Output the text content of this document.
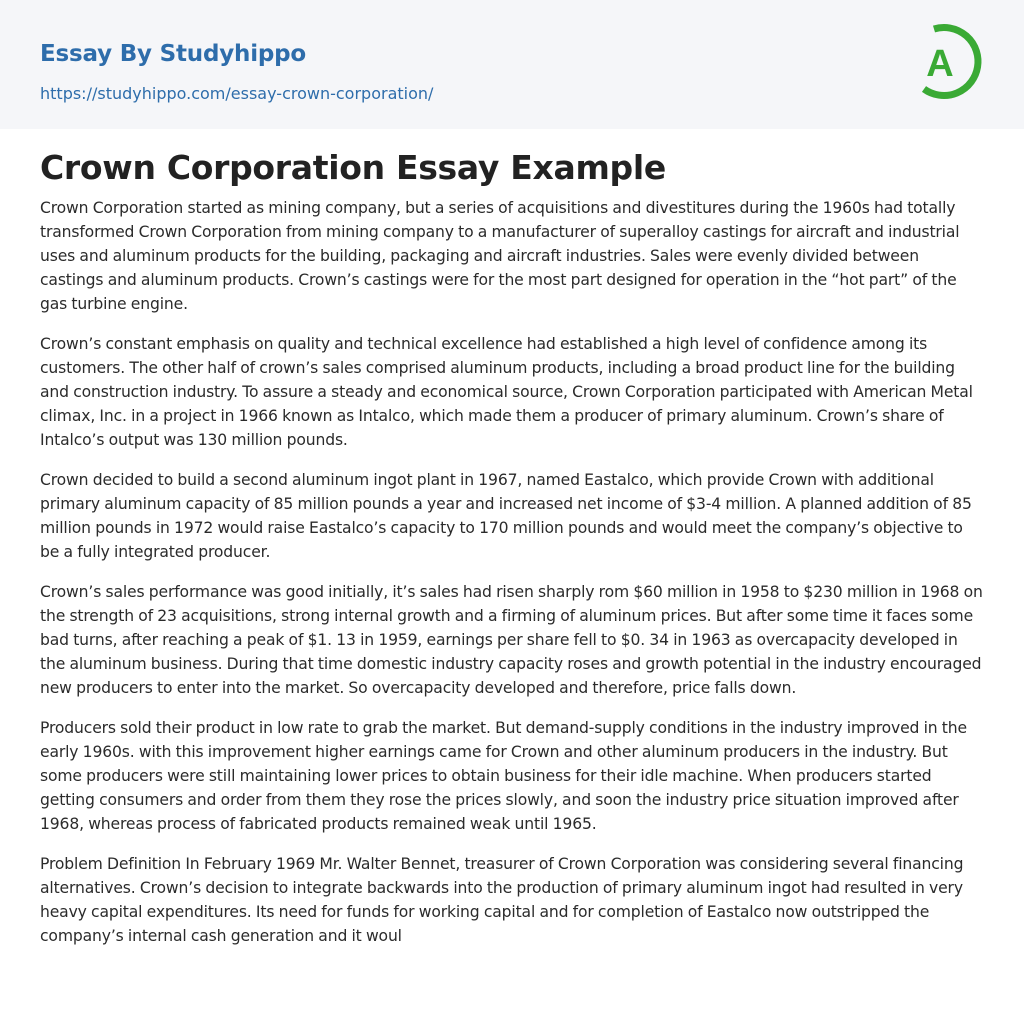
Essay By Studyhippo
https://studyhippo.com/essay-crown-corporation/
A
Crown Corporation Essay Example

Crown Corporation started as mining company, but a series of acquisitions and divestitures during the 1960s had totally transformed Crown Corporation from mining company to a manufacturer of superalloy castings for aircraft and industrial uses and aluminum products for the building, packaging and aircraft industries. Sales were evenly divided between castings and aluminum products. Crown’s castings were for the most part designed for operation in the “hot part” of the gas turbine engine.

Crown’s constant emphasis on quality and technical excellence had established a high level of confidence among its customers. The other half of crown’s sales comprised aluminum products, including a broad product line for the building and construction industry. To assure a steady and economical source, Crown Corporation participated with American Metal climax, Inc. in a project in 1966 known as Intalco, which made them a producer of primary aluminum. Crown’s share of Intalco’s output was 130 million pounds.

Crown decided to build a second aluminum ingot plant in 1967, named Eastalco, which provide Crown with additional primary aluminum capacity of 85 million pounds a year and increased net income of $3-4 million. A planned addition of 85 million pounds in 1972 would raise Eastalco’s capacity to 170 million pounds and would meet the company’s objective to be a fully integrated producer.

Crown’s sales performance was good initially, it’s sales had risen sharply rom $60 million in 1958 to $230 million in 1968 on the strength of 23 acquisitions, strong internal growth and a firming of aluminum prices. But after some time it faces some bad turns, after reaching a peak of $1. 13 in 1959, earnings per share fell to $0. 34 in 1963 as overcapacity developed in the aluminum business. During that time domestic industry capacity roses and growth potential in the industry encouraged new producers to enter into the market. So overcapacity developed and therefore, price falls down.

Producers sold their product in low rate to grab the market. But demand-supply conditions in the industry improved in the early 1960s. with this improvement higher earnings came for Crown and other aluminum producers in the industry. But some producers were still maintaining lower prices to obtain business for their idle machine. When producers started getting consumers and order from them they rose the prices slowly, and soon the industry price situation improved after 1968, whereas process of fabricated products remained weak until 1965.

Problem Definition In February 1969 Mr. Walter Bennet, treasurer of Crown Corporation was considering several financing alternatives. Crown’s decision to integrate backwards into the production of primary aluminum ingot had resulted in very heavy capital expenditures. Its need for funds for working capital and for completion of Eastalco now outstripped the company’s internal cash generation and it woul
